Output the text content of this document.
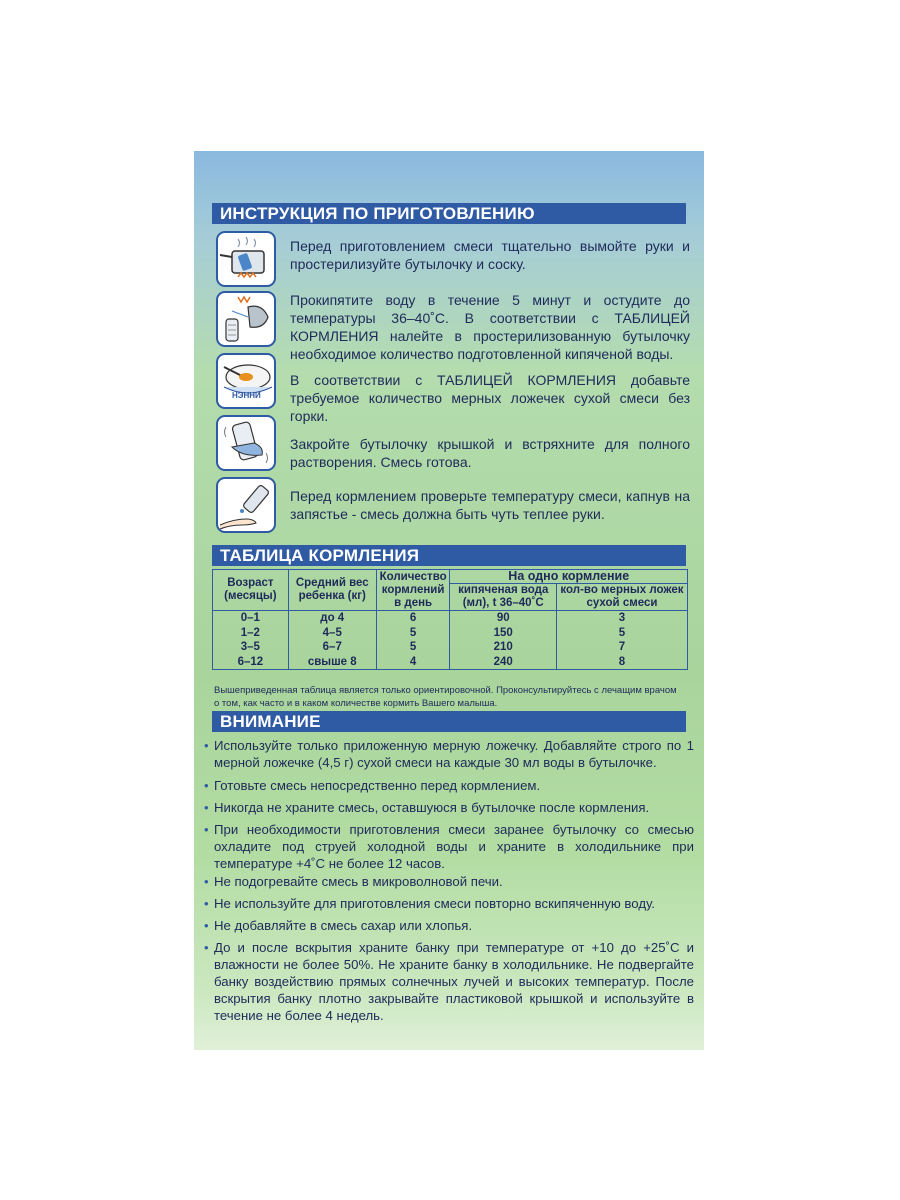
ИНСТРУКЦИЯ ПО ПРИГОТОВЛЕНИЮ
Перед приготовлением смеси тщательно вымойте руки и простерилизуйте бутылочку и соску.
Прокипятите воду в течение 5 минут и остудите до температуры 36–40˚С. В соответствии с ТАБЛИЦЕЙ КОРМЛЕНИЯ налейте в простерилизованную бутылочку необходимое количество подготовленной кипяченой воды.
НЭННИ
В соответствии с ТАБЛИЦЕЙ КОРМЛЕНИЯ добавьте требуемое количество мерных ложечек сухой смеси без горки.
Закройте бутылочку крышкой и встряхните для полного растворения. Смесь готова.
Перед кормлением проверьте температуру смеси, капнув на запястье - смесь должна быть чуть теплее руки.
ТАБЛИЦА КОРМЛЕНИЯ
Возраст (месяцы)	Средний вес ребенка (кг)	Количество кормлений в день	На одно кормление	
			кипяченая вода (мл), t 36–40˚С	кол-во мерных ложек сухой смеси
0–1	до 4	6	90	3
1–2	4–5	5	150	5
3–5	6–7	5	210	7
6–12	свыше 8	4	240	8
Вышеприведенная таблица является только ориентировочной. Проконсультируйтесь с лечащим врачом о том, как часто и в каком количестве кормить Вашего малыша.
ВНИМАНИЕ
• Используйте только приложенную мерную ложечку. Добавляйте строго по 1 мерной ложечке (4,5 г) сухой смеси на каждые 30 мл воды в бутылочке.
• Готовьте смесь непосредственно перед кормлением.
• Никогда не храните смесь, оставшуюся в бутылочке после кормления.
• При необходимости приготовления смеси заранее бутылочку со смесью охладите под струей холодной воды и храните в холодильнике при температуре +4˚С не более 12 часов.
• Не подогревайте смесь в микроволновой печи.
• Не используйте для приготовления смеси повторно вскипяченную воду.
• Не добавляйте в смесь сахар или хлопья.
• До и после вскрытия храните банку при температуре от +10 до +25˚С и влажности не более 50%. Не храните банку в холодильнике. Не подвергайте банку воздействию прямых солнечных лучей и высоких температур. После вскрытия банку плотно закрывайте пластиковой крышкой и используйте в течение не более 4 недель.
